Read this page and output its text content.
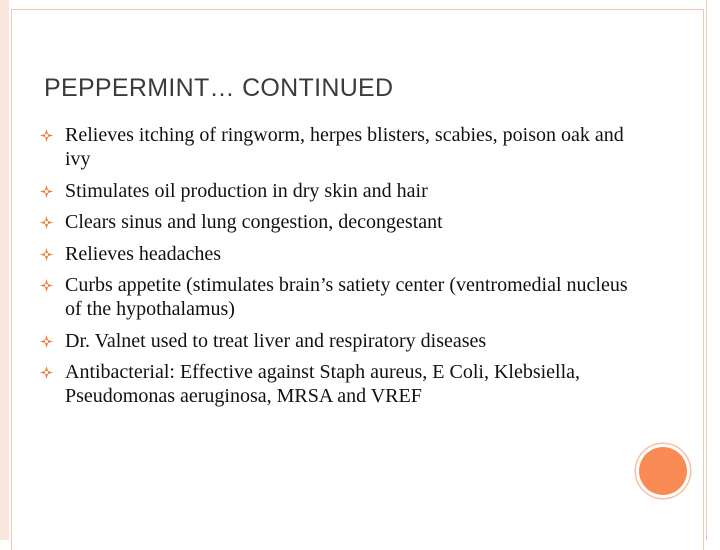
PEPPERMINT… CONTINUED
Relieves itching of ringworm, herpes blisters, scabies, poison oak and ivy
Stimulates oil production in dry skin and hair
Clears sinus and lung congestion, decongestant
Relieves headaches
Curbs appetite (stimulates brain’s satiety center (ventromedial nucleus of the hypothalamus)
Dr. Valnet used to treat liver and respiratory diseases
Antibacterial: Effective against Staph aureus, E Coli, Klebsiella, Pseudomonas aeruginosa, MRSA and VREF
